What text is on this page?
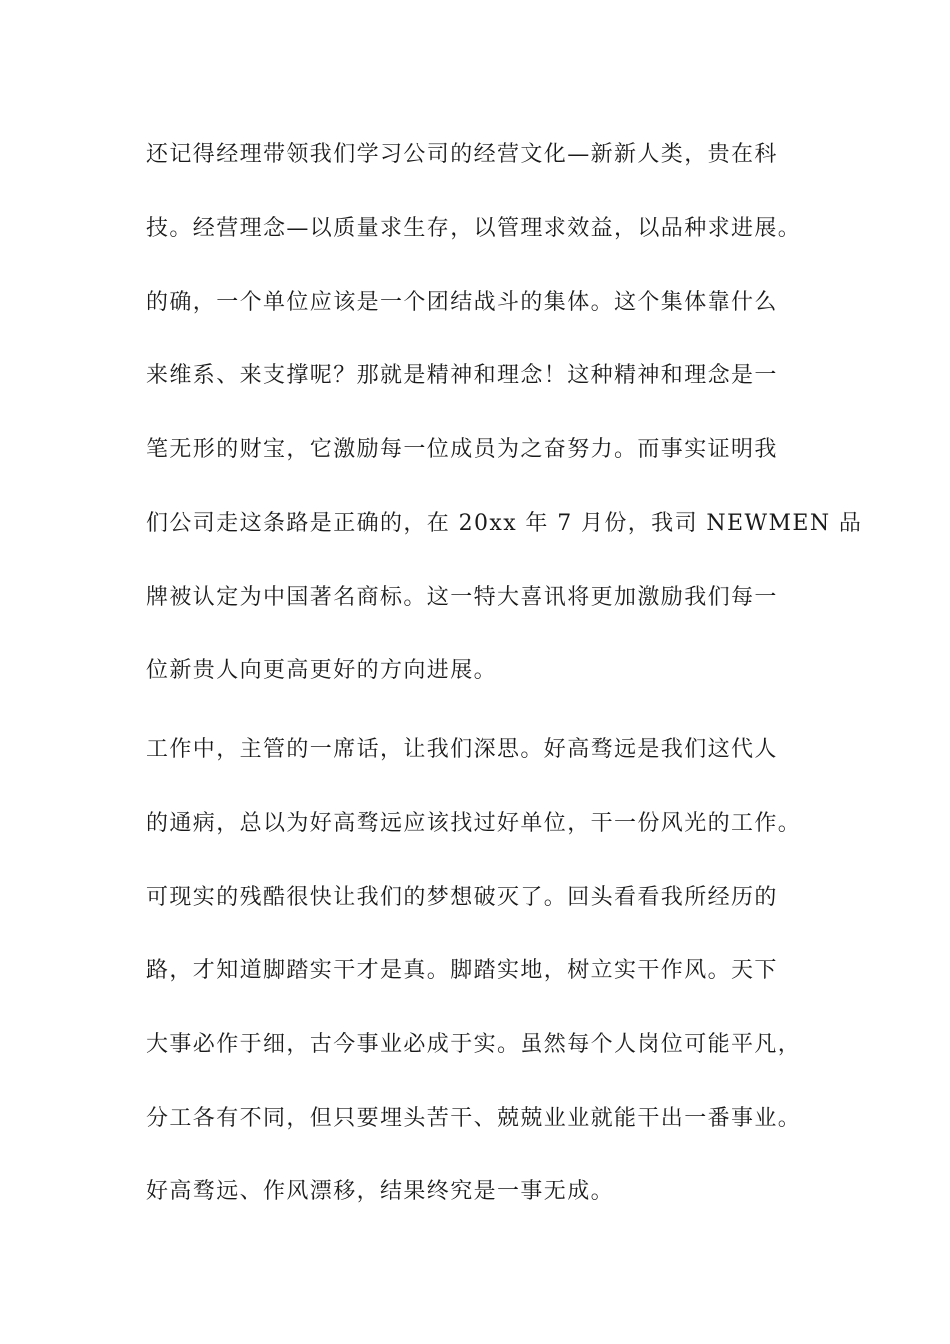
还记得经理带领我们学习公司的经营文化—新新人类，贵在科
技。经营理念—以质量求生存，以管理求效益，以品种求进展。
的确，一个单位应该是一个团结战斗的集体。这个集体靠什么
来维系、来支撑呢？那就是精神和理念！这种精神和理念是一
笔无形的财宝，它激励每一位成员为之奋努力。而事实证明我
们公司走这条路是正确的，在 20xx 年 7 月份，我司 NEWMEN 品
牌被认定为中国著名商标。这一特大喜讯将更加激励我们每一
位新贵人向更高更好的方向进展。
工作中，主管的一席话，让我们深思。好高骛远是我们这代人
的通病，总以为好高骛远应该找过好单位，干一份风光的工作。
可现实的残酷很快让我们的梦想破灭了。回头看看我所经历的
路，才知道脚踏实干才是真。脚踏实地，树立实干作风。天下
大事必作于细，古今事业必成于实。虽然每个人岗位可能平凡，
分工各有不同，但只要埋头苦干、兢兢业业就能干出一番事业。
好高骛远、作风漂移，结果终究是一事无成。
